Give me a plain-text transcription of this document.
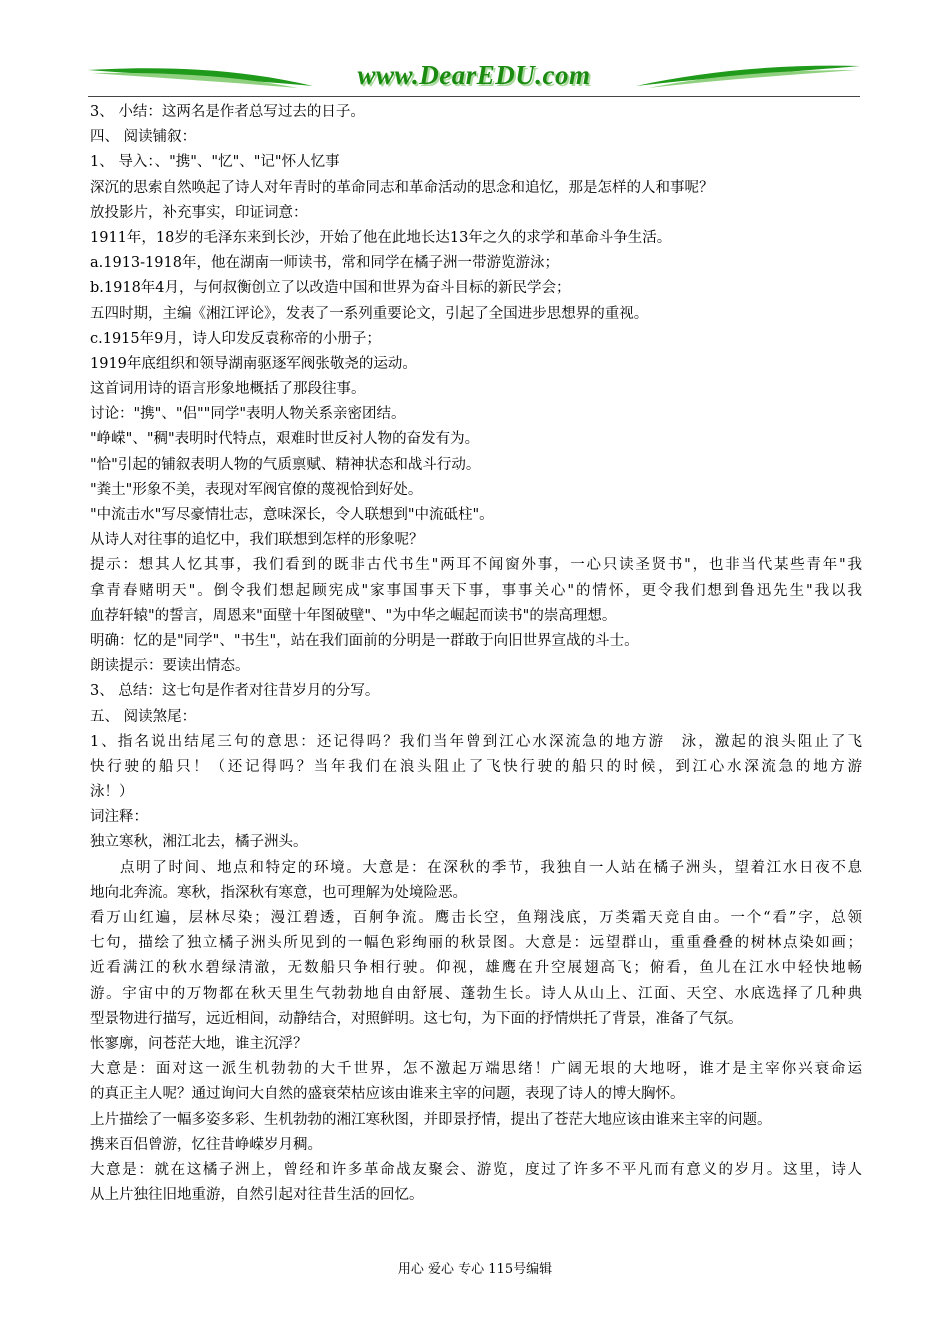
www.DearEDU.com
3、 小结：这两名是作者总写过去的日子。
四、 阅读铺叙：
1、 导入：、"携"、"忆"、"记"怀人忆事
深沉的思索自然唤起了诗人对年青时的革命同志和革命活动的思念和追忆，那是怎样的人和事呢？
放投影片，补充事实，印证词意：
1911年，18岁的毛泽东来到长沙，开始了他在此地长达13年之久的求学和革命斗争生活。
a.1913-1918年，他在湖南一师读书，常和同学在橘子洲一带游览游泳；
b.1918年4月，与何叔衡创立了以改造中国和世界为奋斗目标的新民学会；
五四时期，主编《湘江评论》，发表了一系列重要论文，引起了全国进步思想界的重视。
c.1915年9月，诗人印发反袁称帝的小册子；
1919年底组织和领导湖南驱逐军阀张敬尧的运动。
这首词用诗的语言形象地概括了那段往事。
讨论："携"、"侣""同学"表明人物关系亲密团结。
"峥嵘"、"稠"表明时代特点，艰难时世反衬人物的奋发有为。
"恰"引起的铺叙表明人物的气质禀赋、精神状态和战斗行动。
"粪土"形象不美，表现对军阀官僚的蔑视恰到好处。
"中流击水"写尽豪情壮志，意味深长，令人联想到"中流砥柱"。
从诗人对往事的追忆中，我们联想到怎样的形象呢？
提示：想其人忆其事，我们看到的既非古代书生"两耳不闻窗外事，一心只读圣贤书"，也非当代某些青年"我
拿青春赌明天"。倒令我们想起顾宪成"家事国事天下事，事事关心"的情怀，更令我们想到鲁迅先生"我以我
血荐轩辕"的誓言，周恩来"面壁十年图破壁"、"为中华之崛起而读书"的崇高理想。
明确：忆的是"同学"、"书生"，站在我们面前的分明是一群敢于向旧世界宣战的斗士。
朗读提示：要读出情态。
3、 总结：这七句是作者对往昔岁月的分写。
五、 阅读煞尾：
1、指名说出结尾三句的意思：还记得吗？我们当年曾到江心水深流急的地方游　泳，激起的浪头阻止了飞
快行驶的船只！（还记得吗？当年我们在浪头阻止了飞快行驶的船只的时候，到江心水深流急的地方游
泳！）
词注释：
独立寒秋，湘江北去，橘子洲头。
点明了时间、地点和特定的环境。大意是：在深秋的季节，我独自一人站在橘子洲头，望着江水日夜不息
地向北奔流。寒秋，指深秋有寒意，也可理解为处境险恶。
看万山红遍，层林尽染；漫江碧透，百舸争流。鹰击长空，鱼翔浅底，万类霜天竞自由。一个“看”字，总领
七句，描绘了独立橘子洲头所见到的一幅色彩绚丽的秋景图。大意是：远望群山，重重叠叠的树林点染如画；
近看满江的秋水碧绿清澈，无数船只争相行驶。仰视，雄鹰在升空展翅高飞；俯看，鱼儿在江水中轻快地畅
游。宇宙中的万物都在秋天里生气勃勃地自由舒展、蓬勃生长。诗人从山上、江面、天空、水底选择了几种典
型景物进行描写，远近相间，动静结合，对照鲜明。这七句，为下面的抒情烘托了背景，准备了气氛。
怅寥廓，问苍茫大地，谁主沉浮？
大意是：面对这一派生机勃勃的大千世界，怎不激起万端思绪！广阔无垠的大地呀，谁才是主宰你兴衰命运
的真正主人呢？通过询问大自然的盛衰荣枯应该由谁来主宰的问题，表现了诗人的博大胸怀。
上片描绘了一幅多姿多彩、生机勃勃的湘江寒秋图，并即景抒情，提出了苍茫大地应该由谁来主宰的问题。
携来百侣曾游，忆往昔峥嵘岁月稠。
大意是：就在这橘子洲上，曾经和许多革命战友聚会、游览，度过了许多不平凡而有意义的岁月。这里，诗人
从上片独往旧地重游，自然引起对往昔生活的回忆。
用心 爱心 专心 115号编辑
